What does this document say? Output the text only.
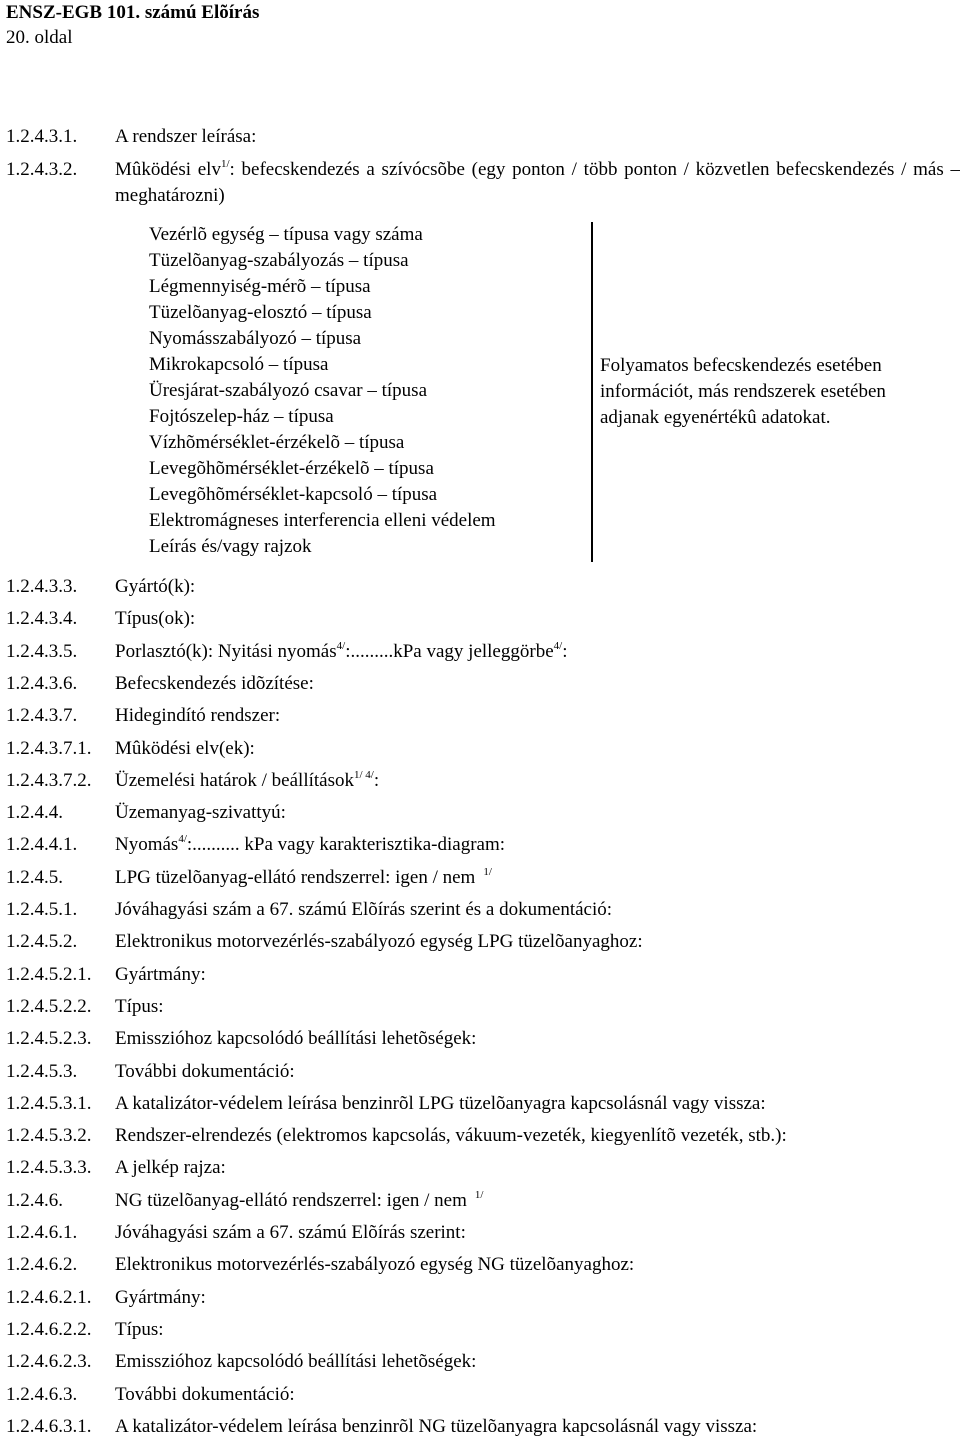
ENSZ-EGB 101. számú Elõírás
20. oldal
1.2.4.3.1. A rendszer leírása:
1.2.4.3.2. Mûködési elv$^{1/}$: befecskendezés a szívócsõbe (egy ponton / több ponton / közvetlen befecskendezés / más – meghatározni)
Vezérlõ egység – típusa vagy száma
Tüzelõanyag-szabályozás – típusa
Légmennyiség-mérõ – típusa
Tüzelõanyag-elosztó – típusa
Nyomásszabályozó – típusa
Mikrokapcsoló – típusa
Üresjárat-szabályozó csavar – típusa
Fojtószelep-ház – típusa
Vízhõmérséklet-érzékelõ – típusa
Levegõhõmérséklet-érzékelõ – típusa
Levegõhõmérséklet-kapcsoló – típusa
Elektromágneses interferencia elleni védelem
Leírás és/vagy rajzok
Folyamatos befecskendezés esetében
információt, más rendszerek esetében
adjanak egyenértékû adatokat.
1.2.4.3.3. Gyártó(k):
1.2.4.3.4. Típus(ok):
1.2.4.3.5. Porlasztó(k): Nyitási nyomás$^{4/}$:.........kPa vagy jelleggörbe$^{4/}$:
1.2.4.3.6. Befecskendezés idõzítése:
1.2.4.3.7. Hidegindító rendszer:
1.2.4.3.7.1. Mûködési elv(ek):
1.2.4.3.7.2. Üzemelési határok / beállítások$^{1/ 4/}$:
1.2.4.4.	Üzemanyag-szivattyú:
1.2.4.4.1. Nyomás$^{4/}$:.......... kPa vagy karakterisztika-diagram:
1.2.4.5.	LPG tüzelõanyag-ellátó rendszerrel: igen / nem $^{1/}$
1.2.4.5.1. Jóváhagyási szám a 67. számú Elõírás szerint és a dokumentáció:
1.2.4.5.2. Elektronikus motorvezérlés-szabályozó egység LPG tüzelõanyaghoz:
1.2.4.5.2.1. Gyártmány:
1.2.4.5.2.2. Típus:
1.2.4.5.2.3. Emisszióhoz kapcsolódó beállítási lehetõségek:
1.2.4.5.3. További dokumentáció:
1.2.4.5.3.1. A katalizátor-védelem leírása benzinrõl LPG tüzelõanyagra kapcsolásnál vagy vissza:
1.2.4.5.3.2. Rendszer-elrendezés (elektromos kapcsolás, vákuum-vezeték, kiegyenlítõ vezeték, stb.):
1.2.4.5.3.3. A jelkép rajza:
1.2.4.6.	NG tüzelõanyag-ellátó rendszerrel: igen / nem $^{1/}$
1.2.4.6.1. Jóváhagyási szám a 67. számú Elõírás szerint:
1.2.4.6.2. Elektronikus motorvezérlés-szabályozó egység NG tüzelõanyaghoz:
1.2.4.6.2.1. Gyártmány:
1.2.4.6.2.2. Típus:
1.2.4.6.2.3. Emisszióhoz kapcsolódó beállítási lehetõségek:
1.2.4.6.3. További dokumentáció:
1.2.4.6.3.1. A katalizátor-védelem leírása benzinrõl NG tüzelõanyagra kapcsolásnál vagy vissza:
